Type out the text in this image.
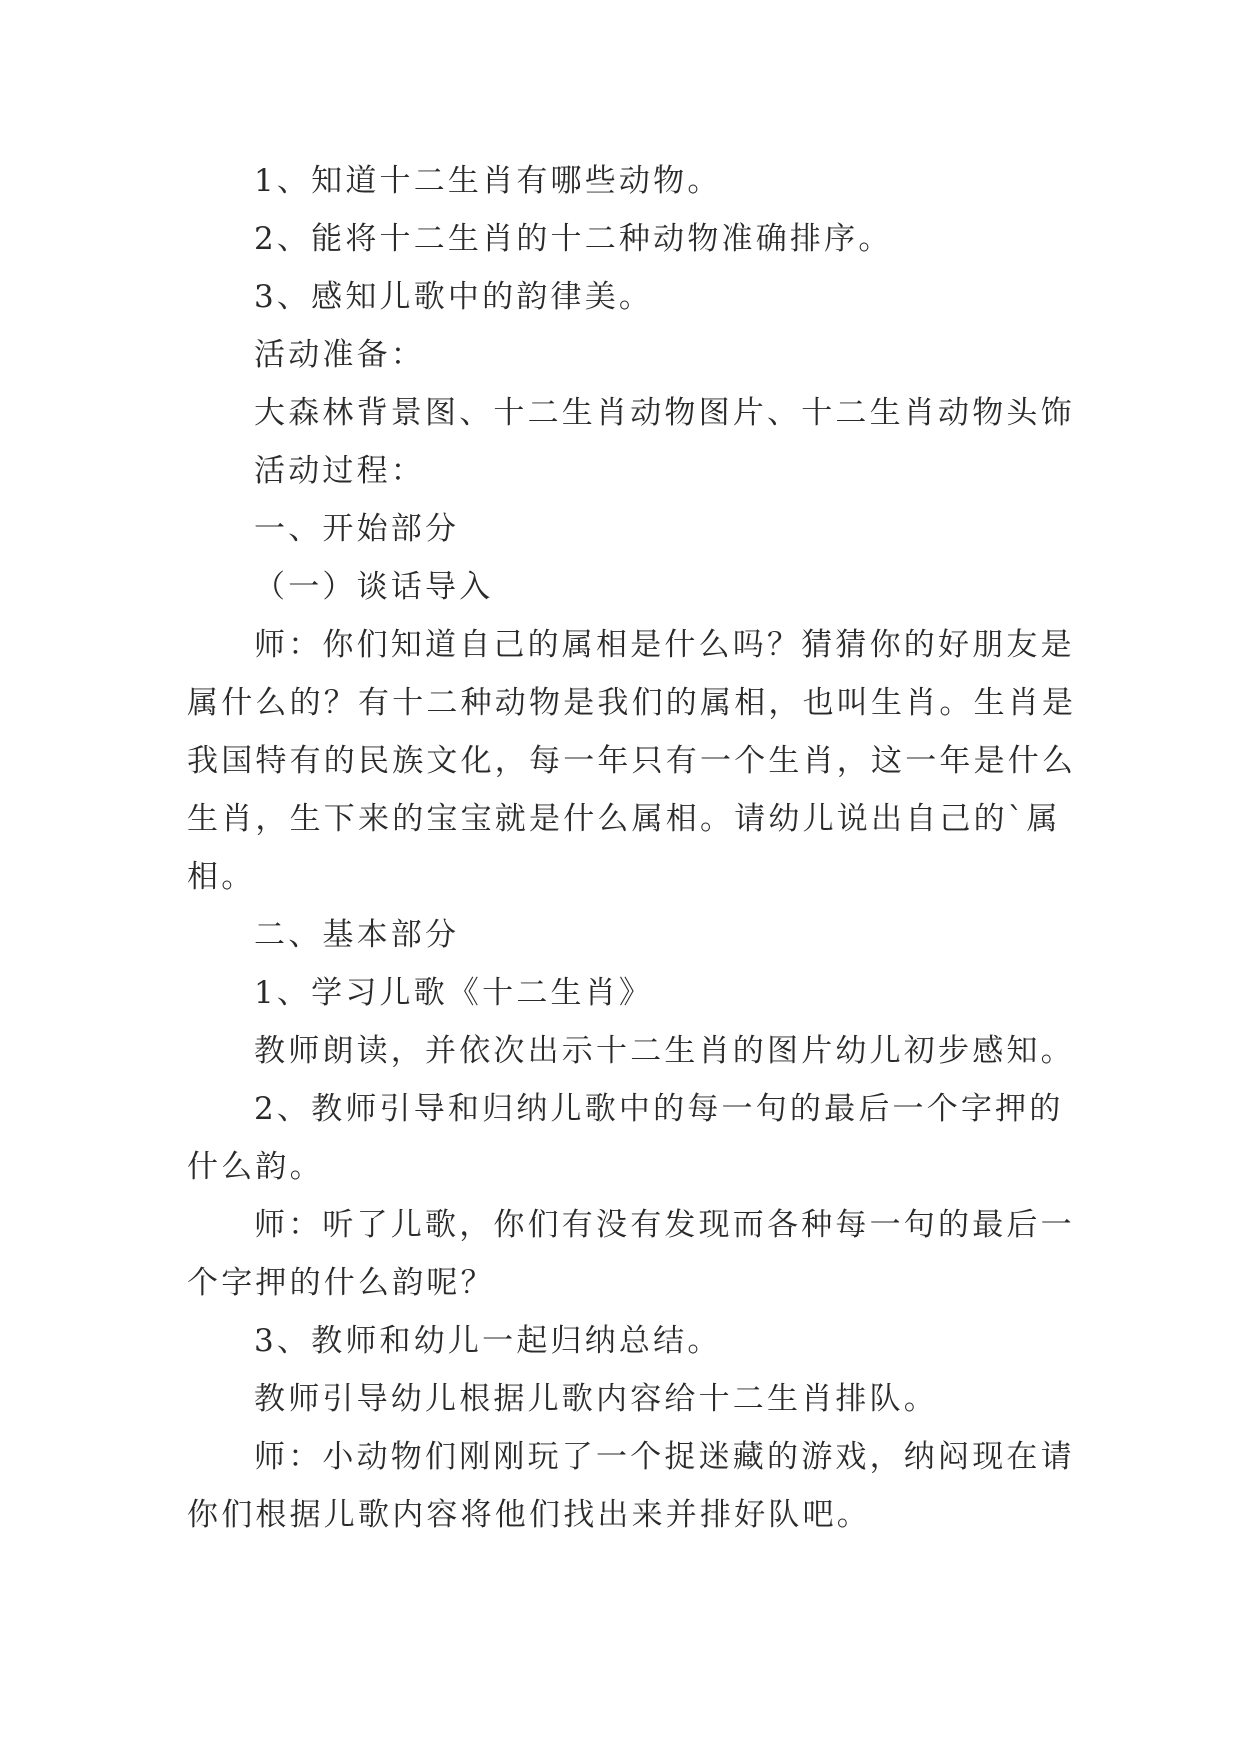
1、知道十二生肖有哪些动物。
2、能将十二生肖的十二种动物准确排序。
3、感知儿歌中的韵律美。
活动准备：
大森林背景图、十二生肖动物图片、十二生肖动物头饰
活动过程：
一、开始部分
（一）谈话导入
师：你们知道自己的属相是什么吗？猜猜你的好朋友是
属什么的？有十二种动物是我们的属相，也叫生肖。生肖是
我国特有的民族文化，每一年只有一个生肖，这一年是什么
生肖，生下来的宝宝就是什么属相。请幼儿说出自己的`属
相。
二、基本部分
1、学习儿歌《十二生肖》
教师朗读，并依次出示十二生肖的图片幼儿初步感知。
2、教师引导和归纳儿歌中的每一句的最后一个字押的
什么韵。
师：听了儿歌，你们有没有发现而各种每一句的最后一
个字押的什么韵呢？
3、教师和幼儿一起归纳总结。
教师引导幼儿根据儿歌内容给十二生肖排队。
师：小动物们刚刚玩了一个捉迷藏的游戏，纳闷现在请
你们根据儿歌内容将他们找出来并排好队吧。
